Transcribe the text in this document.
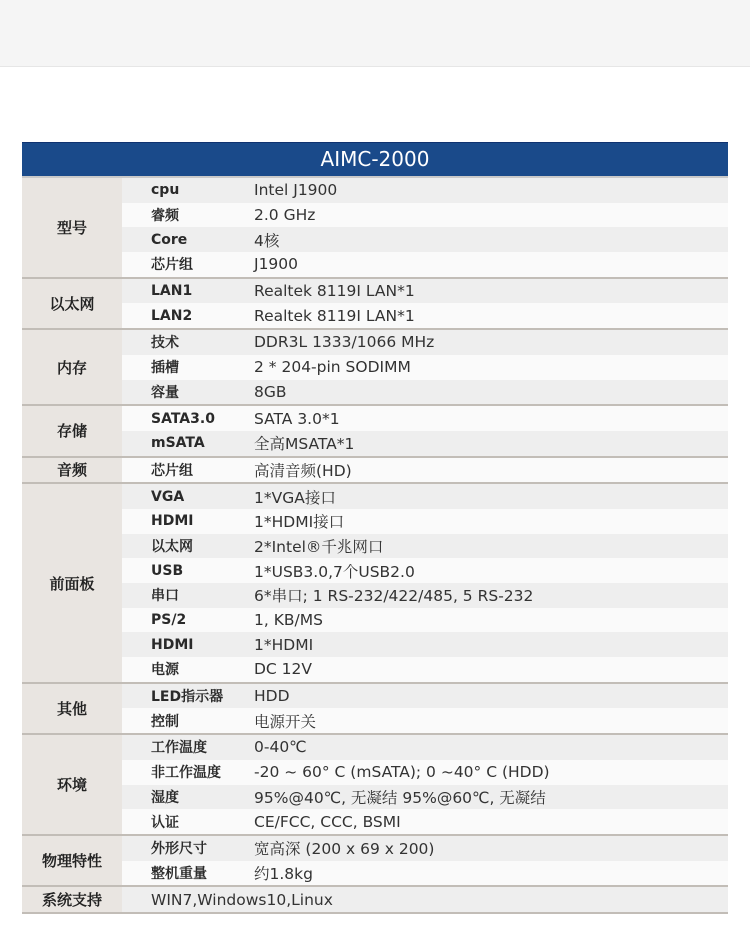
AIMC-2000
型号	cpu	Intel J1900
	睿频	2.0 GHz
	Core	4核
	芯片组	J1900
以太网	LAN1	Realtek 8119I LAN*1
	LAN2	Realtek 8119I LAN*1
内存	技术	DDR3L 1333/1066 MHz
	插槽	2 * 204-pin SODIMM
	容量	8GB
存储	SATA3.0	SATA 3.0*1
	mSATA	全高MSATA*1
音频	芯片组	高清音频(HD)
前面板	VGA	1*VGA接口
	HDMI	1*HDMI接口
	以太网	2*Intel®千兆网口
	USB	1*USB3.0,7个USB2.0
	串口	6*串口; 1 RS-232/422/485, 5 RS-232
	PS/2	1, KB/MS
	HDMI	1*HDMI
	电源	DC 12V
其他	LED指示器	HDD
	控制	电源开关
环境	工作温度	0-40℃
	非工作温度	-20 ~ 60° C (mSATA); 0 ~40° C (HDD)
	湿度	95%@40℃, 无凝结 95%@60℃, 无凝结
	认证	CE/FCC, CCC, BSMI
物理特性	外形尺寸	宽高深 (200 x 69 x 200)
	整机重量	约1.8kg
系统支持	WIN7,Windows10,Linux	
